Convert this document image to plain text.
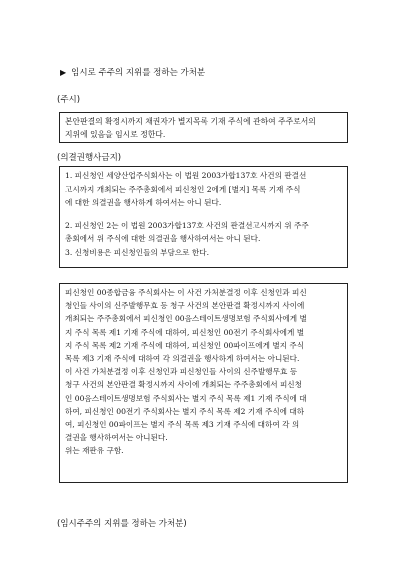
▶ 임시로 주주의 지위를 정하는 가처분
(주시)

본안판결의 확정시까지 채권자가 별지목록 기재 주식에 관하여 주주로서의

지위에 있음을 임시로 정한다.

(의결권행사금지)

1. 피신청인 세양산업주식회사는 이 법원 2003가합137호 사건의 판결선

고시까지 개최되는 주주총회에서 피신청인 2에게 [별지] 목록 기재 주식

에 대한 의결권을 행사하게 하여서는 아니 된다.

2. 피신청인 2는 이 법원 2003가합137호 사건의 판결선고시까지 위 주주

총회에서 위 주식에 대한 의결권을 행사하여서는 아니 된다.

3. 신청비용은 피신청인들의 부담으로 한다.

피신청인 00종합금융 주식회사는 이 사건 가처분결정 이후 신청인과 피신

청인들 사이의 신주발행무효 등 청구 사건의 본안판결 확정시까지 사이에

개최되는 주주총회에서 피신청인 00음스테이트생명보험 주식회사에게 별

지 주식 목록 제1 기재 주식에 대하여, 피신청인 00전기 주식회사에게 별

지 주식 목록 제2 기재 주식에 대하여, 피신청인 00파이프에게 별지 주식

목록 제3 기재 주식에 대하여 각 의결권을 행사하게 하여서는 아니된다.

이 사건 가처분결정 이후 신청인과 피신청인들 사이의 신주발행무효 등

청구 사건의 본안판결 확정시까지 사이에 개최되는 주주총회에서 피신청

인 00음스테이트생명보험 주식회사는 별지 주식 목록 제1 기재 주식에 대

하여, 피신청인 00전기 주식회사는 별지 주식 목록 제2 기재 주식에 대하

여, 피신청인 00파이프는 별지 주식 목록 제3 기재 주식에 대하여 각 의

결권을 행사하여서는 아니된다.

위는 재판유 구함.

(임시주주의 지위를 정하는 가처분)
